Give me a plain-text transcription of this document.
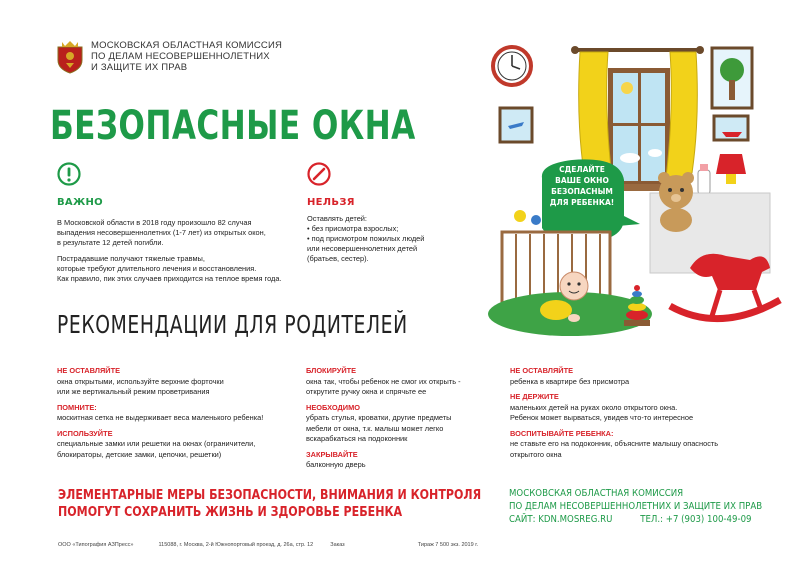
МОСКОВСКАЯ ОБЛАСТНАЯ КОМИССИЯ
ПО ДЕЛАМ НЕСОВЕРШЕННОЛЕТНИХ
И ЗАЩИТЕ ИХ ПРАВ
БЕЗОПАСНЫЕ ОКНА
ВАЖНО
В Московской области в 2018 году произошло 82 случая
выпадения несовершеннолетних (1-7 лет) из открытых окон,
в результате 12 детей погибли.
Пострадавшие получают тяжелые травмы,
которые требуют длительного лечения и восстановления.
Как правило, пик этих случаев приходится на теплое время года.
НЕЛЬЗЯ
Оставлять детей:
• без присмотра взрослых;
• под присмотром пожилых людей
или несовершеннолетних детей
(братьев, сестер).
СДЕЛАЙТЕ
ВАШЕ ОКНО
БЕЗОПАСНЫМ
ДЛЯ РЕБЕНКА!
РЕКОМЕНДАЦИИ ДЛЯ РОДИТЕЛЕЙ
НЕ ОСТАВЛЯЙТЕ
окна открытыми, используйте верхние форточки
или же вертикальный режим проветривания
ПОМНИТЕ:
москитная сетка не выдерживает веса маленького ребенка!
ИСПОЛЬЗУЙТЕ
специальные замки или решетки на окнах (ограничители,
блокираторы, детские замки, цепочки, решетки)
БЛОКИРУЙТЕ
окна так, чтобы ребенок не смог их открыть -
открутите ручку окна и спрячьте ее
НЕОБХОДИМО
убрать стулья, кроватки, другие предметы
мебели от окна, т.к. малыш может легко
вскарабкаться на подоконник
ЗАКРЫВАЙТЕ
балконную дверь
НЕ ОСТАВЛЯЙТЕ
ребенка в квартире без присмотра
НЕ ДЕРЖИТЕ
маленьких детей на руках около открытого окна.
Ребенок может вырваться, увидев что-то интересное
ВОСПИТЫВАЙТЕ РЕБЕНКА:
не ставьте его на подоконник, объясните малышу опасность
открытого окна
ЭЛЕМЕНТАРНЫЕ МЕРЫ БЕЗОПАСНОСТИ, ВНИМАНИЯ И КОНТРОЛЯ
ПОМОГУТ СОХРАНИТЬ ЖИЗНЬ И ЗДОРОВЬЕ РЕБЕНКА
МОСКОВСКАЯ ОБЛАСТНАЯ КОМИССИЯ
ПО ДЕЛАМ НЕСОВЕРШЕННОЛЕТНИХ И ЗАЩИТЕ ИХ ПРАВ
САЙТ: KDN.MOSREG.RU	ТЕЛ.: +7 (903) 100-49-09
ООО «Типография АЗПресс»	115088, г. Москва, 2-й Южнопортовый проезд, д. 26а, стр. 12	Заказ	Тираж 7 500 экз. 2019 г.
